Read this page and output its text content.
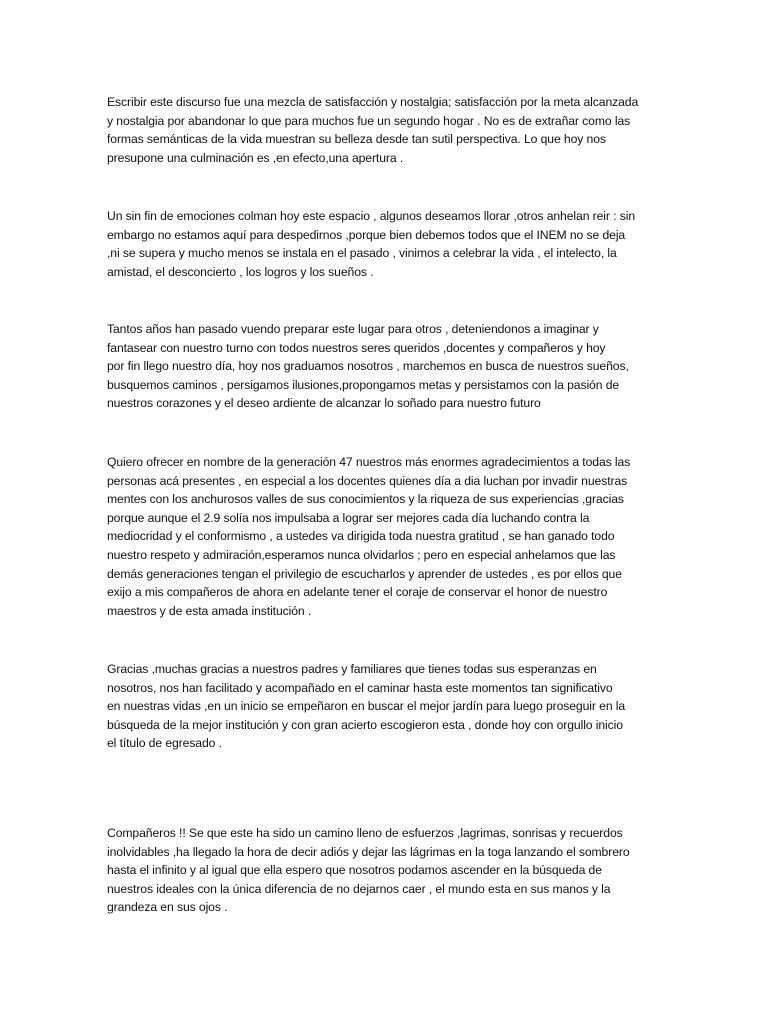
Escribir este discurso fue una mezcla de satisfacción y nostalgia; satisfacción por la meta alcanzada
y nostalgia por abandonar lo que para muchos fue un segundo hogar . No es de extrañar como las
formas semánticas de la vida muestran su belleza desde tan sutil perspectiva. Lo que hoy nos
presupone una culminación es ,en efecto,una apertura .

Un sin fin de emociones colman hoy este espacio , algunos deseamos llorar ,otros anhelan reir : sin
embargo no estamos aquí para despedirnos ,porque bien debemos todos que el INEM no se deja
,ni se supera y mucho menos se instala en el pasado , vinimos a celebrar la vida , el intelecto, la
amistad, el desconcierto , los logros y los sueños .

Tantos años han pasado vuendo preparar este lugar para otros , deteniendonos a imaginar y
fantasear con nuestro turno con todos nuestros seres queridos ,docentes y compañeros y hoy
por fin llego nuestro día, hoy nos graduamos nosotros , marchemos en busca de nuestros sueños,
busquemos caminos , persigamos ilusiones,propongamos metas y persistamos con la pasión de
nuestros corazones y el deseo ardiente de alcanzar lo soñado para nuestro futuro

Quiero ofrecer en nombre de la generación 47 nuestros más enormes agradecimientos a todas las
personas acá presentes , en especial a los docentes quienes día a dia luchan por invadir nuestras
mentes con los anchurosos valles de sus conocimientos y la riqueza de sus experiencias ,gracias
porque aunque el 2.9 solía nos impulsaba a lograr ser mejores cada día luchando contra la
mediocridad y el conformismo , a ustedes va dirigida toda nuestra gratitud , se han ganado todo
nuestro respeto y admiración,esperamos nunca olvidarlos ; pero en especial anhelamos que las
demás generaciones tengan el privilegio de escucharlos y aprender de ustedes , es por ellos que
exijo a mis compañeros de ahora en adelante tener el coraje de conservar el honor de nuestro
maestros y de esta amada institución .

Gracias ,muchas gracias a nuestros padres y familiares que tienes todas sus esperanzas en
nosotros, nos han facilitado y acompañado en el caminar hasta este momentos tan significativo
en nuestras vidas ,en un inicio se empeñaron en buscar el mejor jardín para luego proseguir en la
búsqueda de la mejor institución y con gran acierto escogieron esta , donde hoy con orgullo inicio
el título de egresado .

Compañeros !! Se que este ha sido un camino lleno de esfuerzos ,lagrimas, sonrisas y recuerdos
inolvidables ,ha llegado la hora de decir adiós y dejar las lágrimas en la toga lanzando el sombrero
hasta el infinito y al igual que ella espero que nosotros podamos ascender en la búsqueda de
nuestros ideales con la única diferencia de no dejarnos caer , el mundo esta en sus manos y la
grandeza en sus ojos .
